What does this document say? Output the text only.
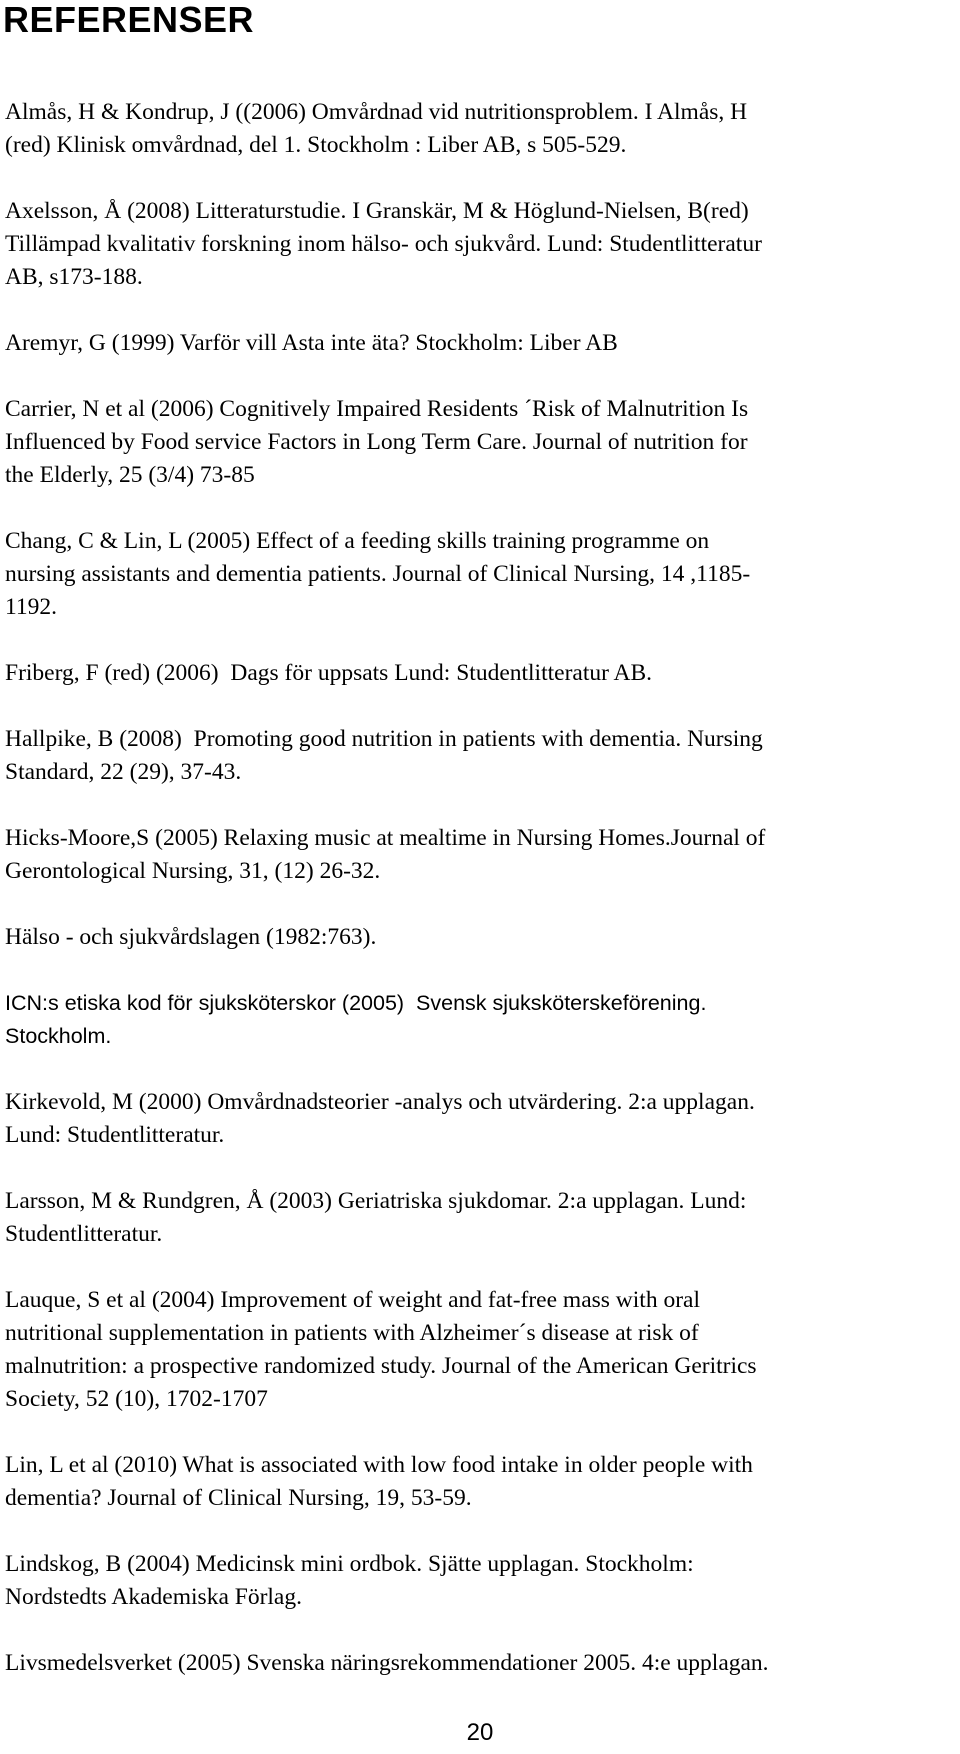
REFERENSER

Almås, H & Kondrup, J ((2006) Omvårdnad vid nutritionsproblem. I Almås, H
(red) Klinisk omvårdnad, del 1. Stockholm : Liber AB, s 505-529.

Axelsson, Å (2008) Litteraturstudie. I Granskär, M & Höglund-Nielsen, B(red)
Tillämpad kvalitativ forskning inom hälso- och sjukvård. Lund: Studentlitteratur
AB, s173-188.

Aremyr, G (1999) Varför vill Asta inte äta? Stockholm: Liber AB

Carrier, N et al (2006) Cognitively Impaired Residents ´Risk of Malnutrition Is
Influenced by Food service Factors in Long Term Care. Journal of nutrition for
the Elderly, 25 (3/4) 73-85

Chang, C & Lin, L (2005) Effect of a feeding skills training programme on
nursing assistants and dementia patients. Journal of Clinical Nursing, 14 ,1185-
1192.

Friberg, F (red) (2006)  Dags för uppsats Lund: Studentlitteratur AB.

Hallpike, B (2008)  Promoting good nutrition in patients with dementia. Nursing
Standard, 22 (29), 37-43.

Hicks-Moore,S (2005) Relaxing music at mealtime in Nursing Homes.Journal of
Gerontological Nursing, 31, (12) 26-32.

Hälso - och sjukvårdslagen (1982:763).

ICN:s etiska kod för sjuksköterskor (2005)  Svensk sjuksköterskeförening.
Stockholm.

Kirkevold, M (2000) Omvårdnadsteorier -analys och utvärdering. 2:a upplagan.
Lund: Studentlitteratur.

Larsson, M & Rundgren, Å (2003) Geriatriska sjukdomar. 2:a upplagan. Lund:
Studentlitteratur.

Lauque, S et al (2004) Improvement of weight and fat-free mass with oral
nutritional supplementation in patients with Alzheimer´s disease at risk of
malnutrition: a prospective randomized study. Journal of the American Geritrics
Society, 52 (10), 1702-1707

Lin, L et al (2010) What is associated with low food intake in older people with
dementia? Journal of Clinical Nursing, 19, 53-59.

Lindskog, B (2004) Medicinsk mini ordbok. Sjätte upplagan. Stockholm:
Nordstedts Akademiska Förlag.

Livsmedelsverket (2005) Svenska näringsrekommendationer 2005. 4:e upplagan.

20
